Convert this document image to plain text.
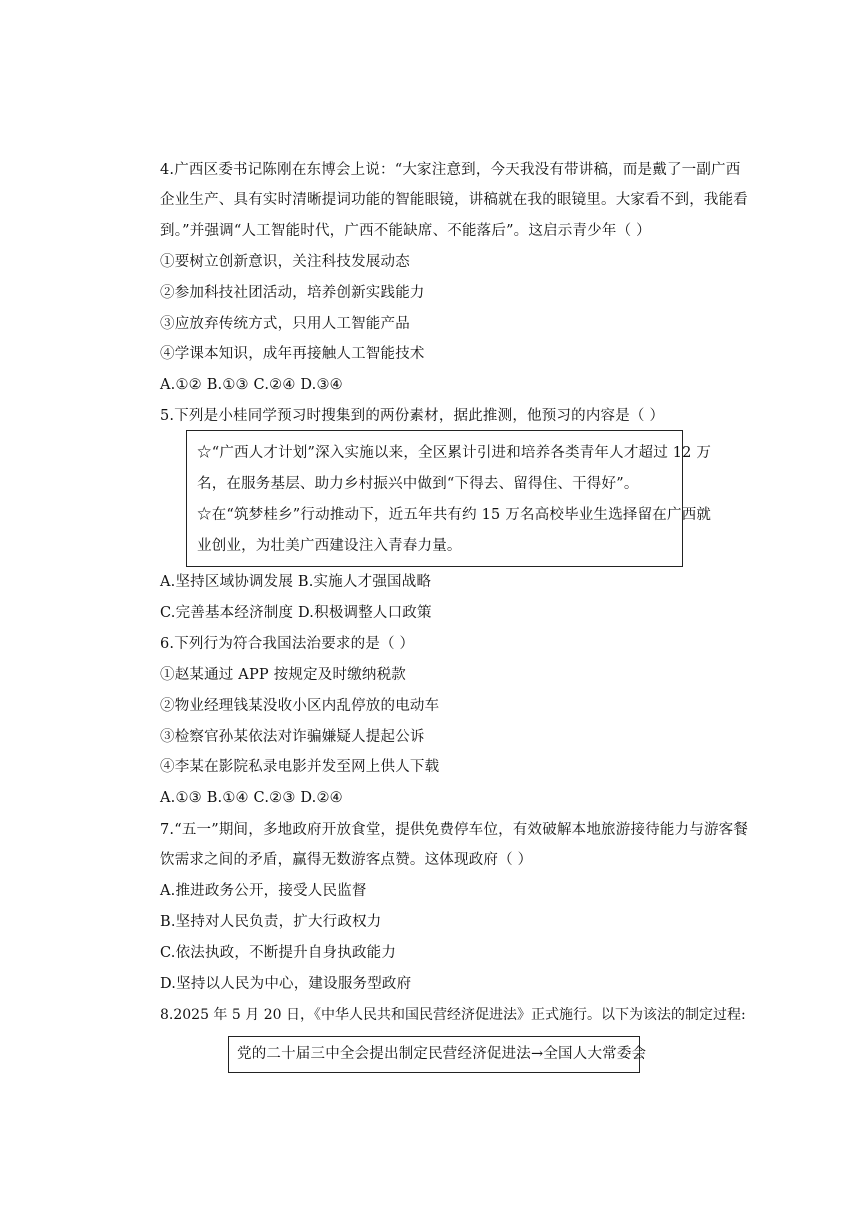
4.广西区委书记陈刚在东博会上说：“大家注意到，今天我没有带讲稿，而是戴了一副广西
企业生产、具有实时清晰提词功能的智能眼镜，讲稿就在我的眼镜里。大家看不到，我能看
到。”并强调“人工智能时代，广西不能缺席、不能落后”。这启示青少年（ ）
①要树立创新意识，关注科技发展动态
②参加科技社团活动，培养创新实践能力
③应放弃传统方式，只用人工智能产品
④学课本知识，成年再接触人工智能技术
A.①② B.①③ C.②④ D.③④
5.下列是小桂同学预习时搜集到的两份素材，据此推测，他预习的内容是（ ）
☆“广西人才计划”深入实施以来，全区累计引进和培养各类青年人才超过 12 万
名，在服务基层、助力乡村振兴中做到“下得去、留得住、干得好”。
☆在“筑梦桂乡”行动推动下，近五年共有约 15 万名高校毕业生选择留在广西就
业创业，为壮美广西建设注入青春力量。
A.坚持区域协调发展 B.实施人才强国战略
C.完善基本经济制度 D.积极调整人口政策
6.下列行为符合我国法治要求的是（ ）
①赵某通过 APP 按规定及时缴纳税款
②物业经理钱某没收小区内乱停放的电动车
③检察官孙某依法对诈骗嫌疑人提起公诉
④李某在影院私录电影并发至网上供人下载
A.①③ B.①④ C.②③ D.②④
7.“五一”期间，多地政府开放食堂，提供免费停车位，有效破解本地旅游接待能力与游客餐
饮需求之间的矛盾，赢得无数游客点赞。这体现政府（ ）
A.推进政务公开，接受人民监督
B.坚持对人民负责，扩大行政权力
C.依法执政，不断提升自身执政能力
D.坚持以人民为中心，建设服务型政府
8.2025 年 5 月 20 日，《中华人民共和国民营经济促进法》正式施行。以下为该法的制定过程:
党的二十届三中全会提出制定民营经济促进法→全国人大常委会
